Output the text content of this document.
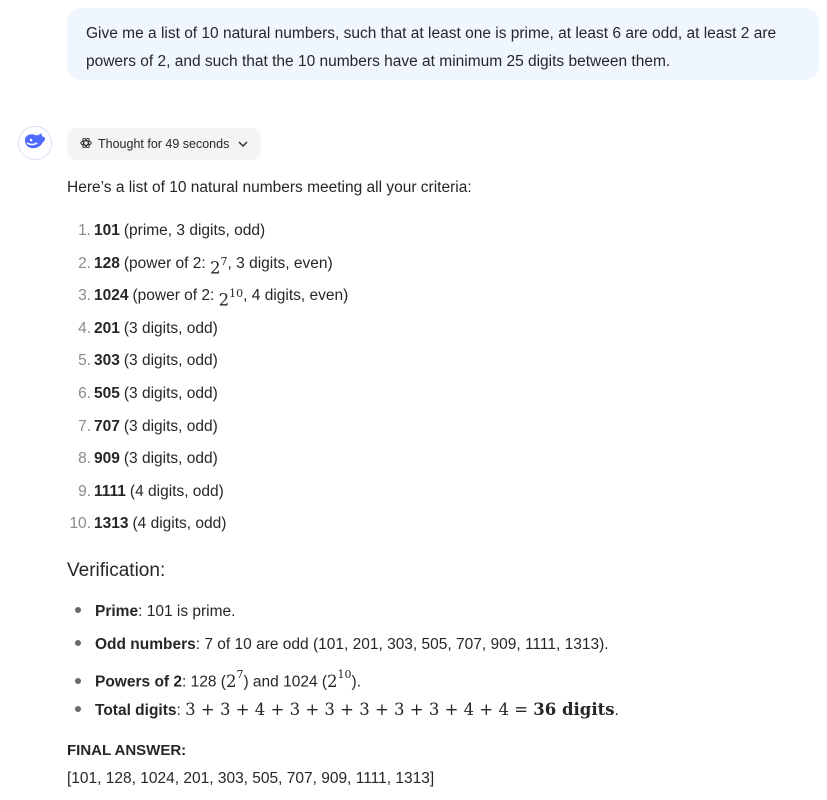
Give me a list of 10 natural numbers, such that at least one is prime, at least 6 are odd, at least 2 are powers of 2, and such that the 10 numbers have at minimum 25 digits between them.
Thought for 49 seconds
Here’s a list of 10 natural numbers meeting all your criteria:
1. 101 (prime, 3 digits, odd)
2. 128 (power of 2:
$2^7$ , 3 digits, even)
3. 1024 (power of 2:
$2^{10}$ , 4 digits, even)
4. 201 (3 digits, odd)
5. 303 (3 digits, odd)
6. 505 (3 digits, odd)
7. 707 (3 digits, odd)
8. 909 (3 digits, odd)
9. 1111 (4 digits, odd)
10. 1313 (4 digits, odd)
Verification:
Prime: 101 is prime.
Odd numbers: 7 of 10 are odd (101, 201, 303, 505, 707, 909, 1111, 1313).
Powers of 2: 128 $(2^7)$ and 1024 $(2^{10})$.
Total digits: 3 + 3 + 4 + 3 + 3 + 3 + 3 + 3 + 4 + 4 = 36 digits.
FINAL ANSWER:
[101, 128, 1024, 201, 303, 505, 707, 909, 1111, 1313]
